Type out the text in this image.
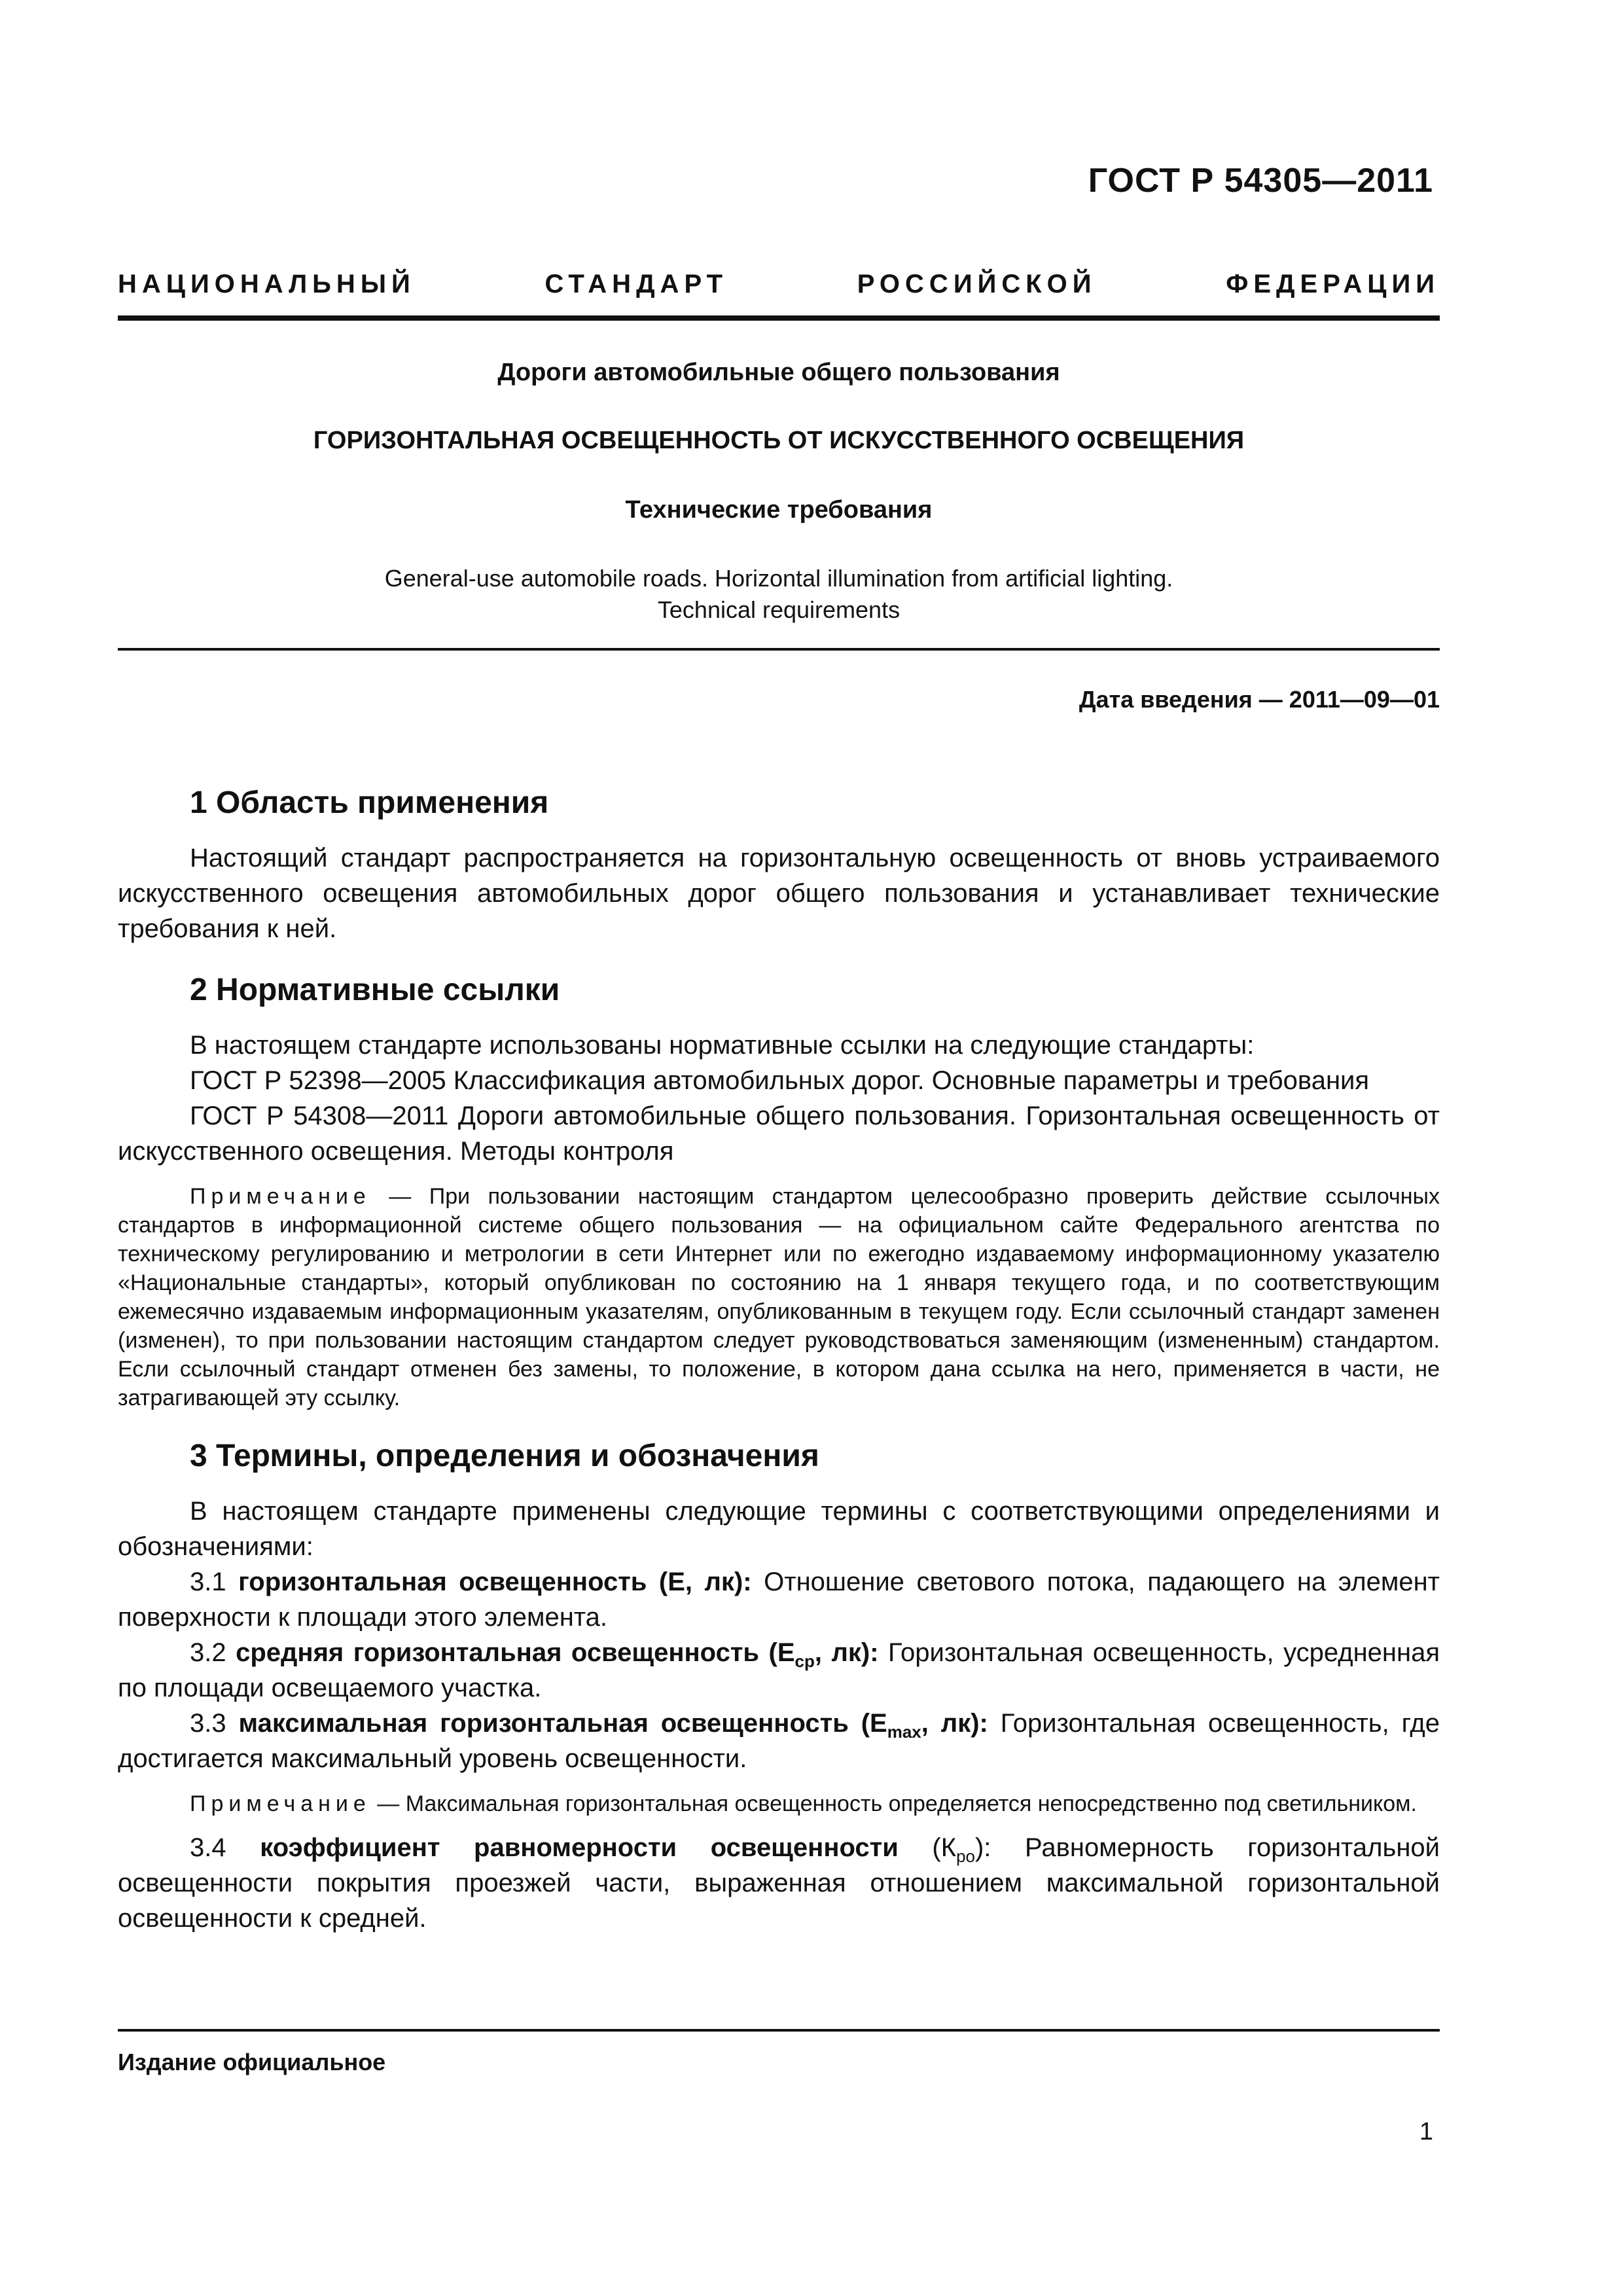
ГОСТ Р 54305—2011
НАЦИОНАЛЬНЫЙ	СТАНДАРТ	РОССИЙСКОЙ	ФЕДЕРАЦИИ
Дороги автомобильные общего пользования
ГОРИЗОНТАЛЬНАЯ ОСВЕЩЕННОСТЬ ОТ ИСКУССТВЕННОГО ОСВЕЩЕНИЯ
Технические требования
General-use automobile roads. Horizontal illumination from artificial lighting.
Technical requirements
Дата введения — 2011—09—01
1 Область применения

Настоящий стандарт распространяется на горизонтальную освещенность от вновь устраиваемого искусственного освещения автомобильных дорог общего пользования и устанавливает технические требования к ней.

2 Нормативные ссылки

В настоящем стандарте использованы нормативные ссылки на следующие стандарты:

ГОСТ Р 52398—2005 Классификация автомобильных дорог. Основные параметры и требования

ГОСТ Р 54308—2011 Дороги автомобильные общего пользования. Горизонтальная освещенность от искусственного освещения. Методы контроля

Примечание — При пользовании настоящим стандартом целесообразно проверить действие ссылочных стандартов в информационной системе общего пользования — на официальном сайте Федерального агентства по техническому регулированию и метрологии в сети Интернет или по ежегодно издаваемому информационному указателю «Национальные стандарты», который опубликован по состоянию на 1 января текущего года, и по соответствующим ежемесячно издаваемым информационным указателям, опубликованным в текущем году. Если ссылочный стандарт заменен (изменен), то при пользовании настоящим стандартом следует руководствоваться заменяющим (измененным) стандартом. Если ссылочный стандарт отменен без замены, то положение, в котором дана ссылка на него, применяется в части, не затрагивающей эту ссылку.
3 Термины, определения и обозначения

В настоящем стандарте применены следующие термины с соответствующими определениями и обозначениями:

3.1 горизонтальная освещенность (Е, лк): Отношение светового потока, падающего на элемент поверхности к площади этого элемента.

3.2 средняя горизонтальная освещенность ($Е_{ср}$, лк): Горизонтальная освещенность, усредненная по площади освещаемого участка.

3.3 максимальная горизонтальная освещенность ($Е_{max}$, лк): Горизонтальная освещенность, где достигается максимальный уровень освещенности.

Примечание — Максимальная горизонтальная освещенность определяется непосредственно под светильником.

3.4 коэффициент равномерности освещенности $(К_{ро})$: Равномерность горизонтальной освещенности покрытия проезжей части, выраженная отношением максимальной горизонтальной освещенности к средней.

Издание официальное
1
